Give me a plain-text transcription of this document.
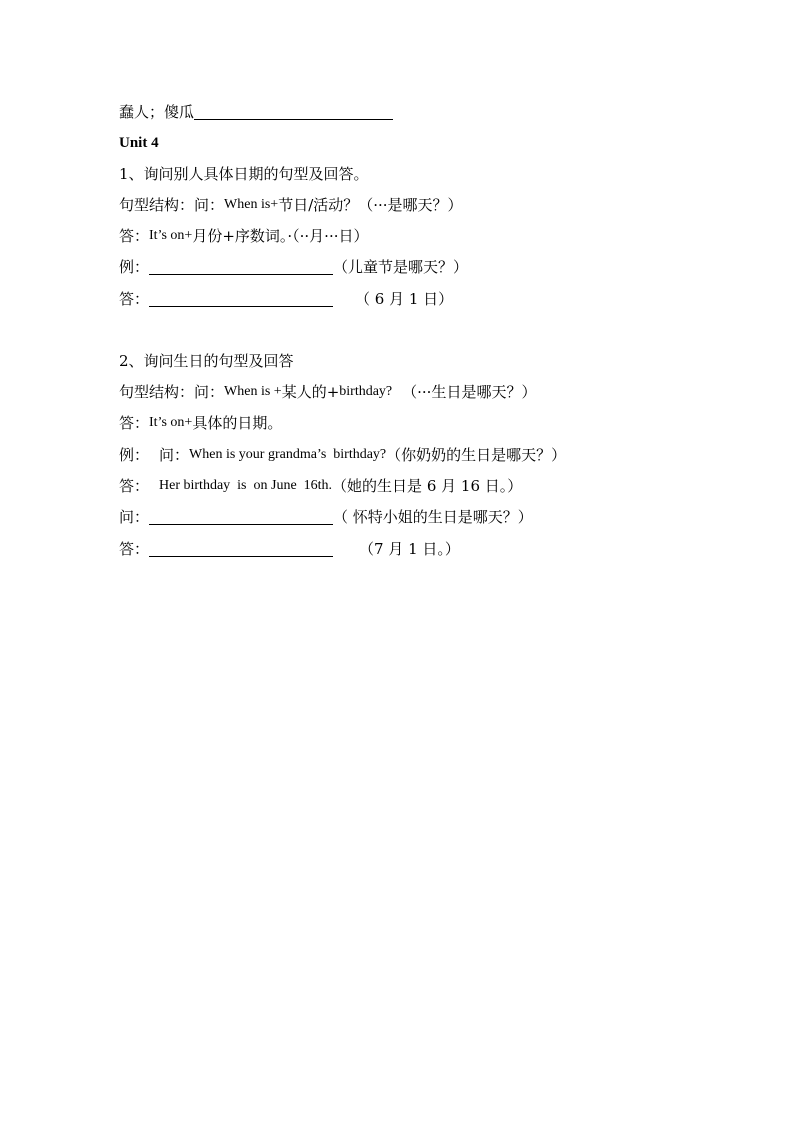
蠢人；傻瓜
Unit 4
1、询问别人具体日期的句型及回答。
句型结构：问： When is+ 节日/活动？（···是哪天？）
答： It’s on+ 月份+序数词。·（··月···日）
例：	（儿童节是哪天？）
答：	（ 6 月 1 日）
2、询问生日的句型及回答
句型结构：问： When is + 某人的+ birthday? （···生日是哪天？）
答： It’s on+ 具体的日期。
例： 问： When is your grandma’s  birthday? （你奶奶的生日是哪天？）
答： Her birthday  is  on June  16th. （她的生日是 6 月 16 日。）
问：	（ 怀特小姐的生日是哪天？）
答：	（7 月 1 日。）
